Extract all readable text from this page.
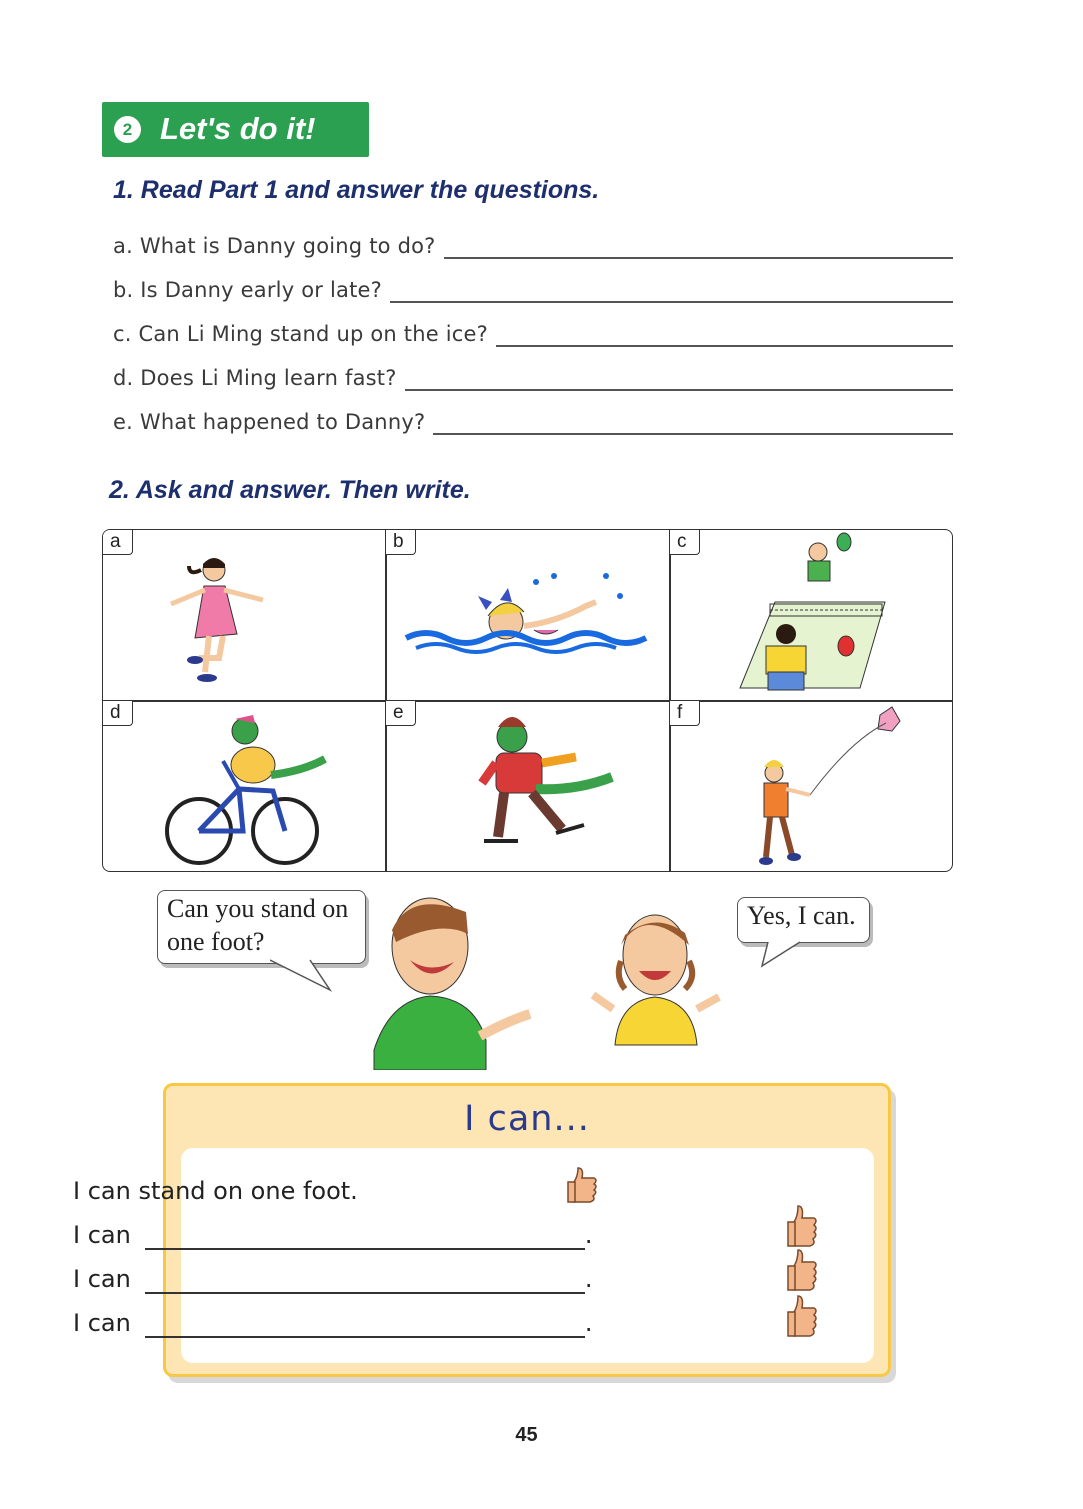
2 Let's do it!
1. Read Part 1 and answer the questions.
a. What is Danny going to do?
b. Is Danny early or late?
c. Can Li Ming stand up on the ice?
d. Does Li Ming learn fast?
e. What happened to Danny?
2. Ask and answer. Then write.
a	b	c
d	e	f
Can you stand on
one foot?
Yes, I can.
I can...
I can stand on one foot.
I can	.
I can	.
I can	.
45
